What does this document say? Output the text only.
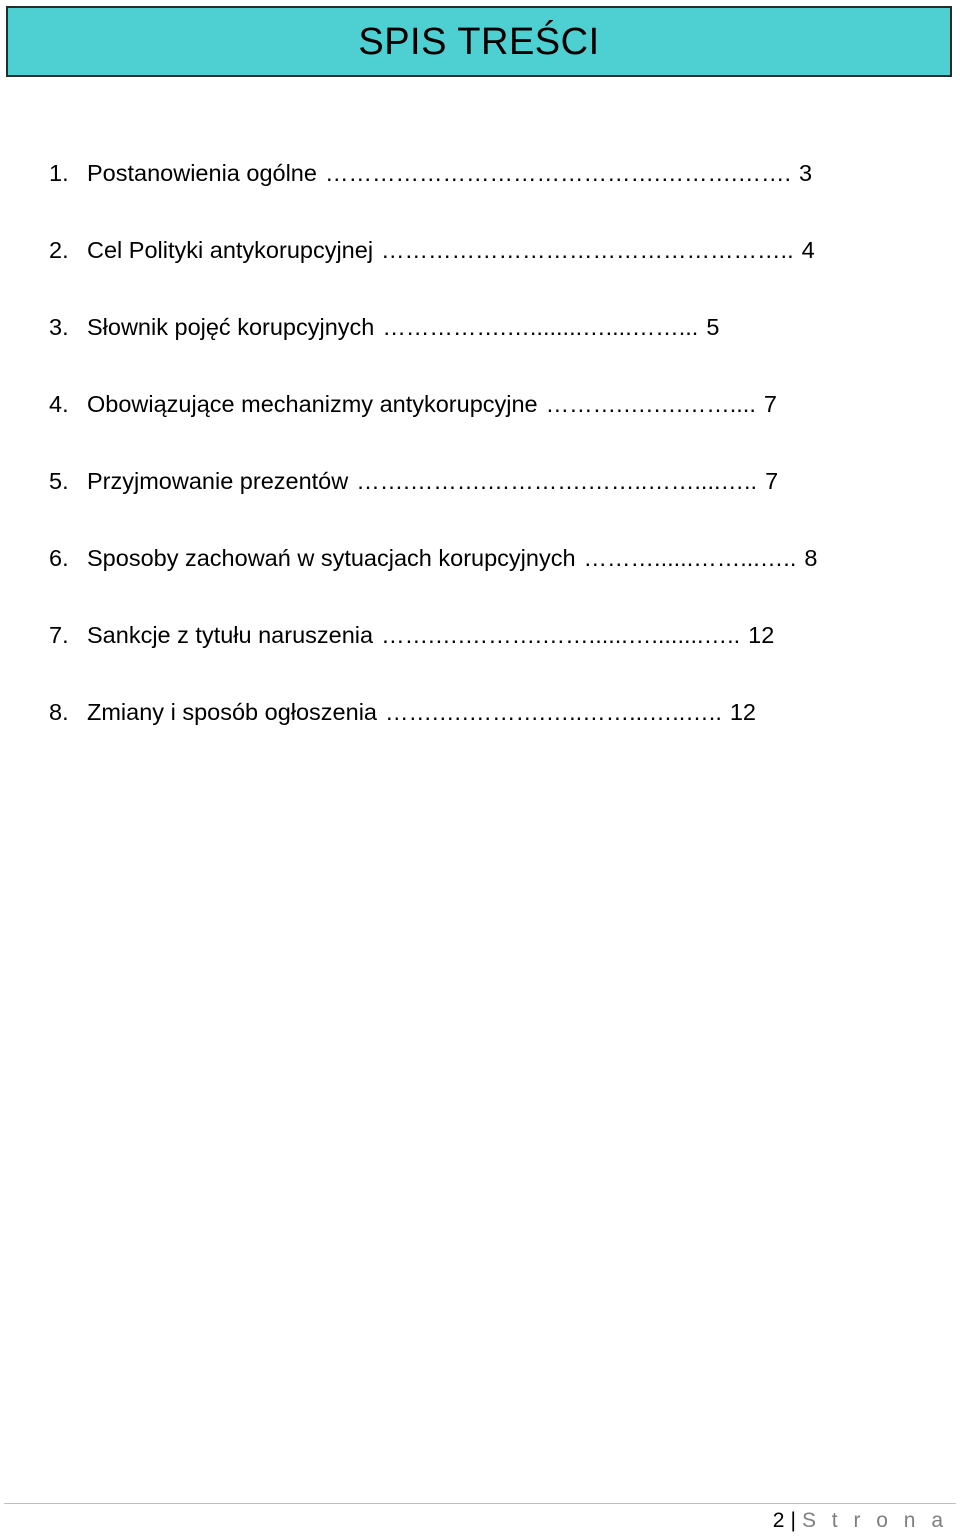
SPIS TREŚCI
1. Postanowienia ogólne …………………………………….……….……. 3
2. Cel Polityki antykorupcyjnej …………………………………………….. 4
3. Słownik pojęć korupcyjnych …………….…........…....……... 5
4. Obowiązujące mechanizmy antykorupcyjne ……….….….…….... 7
5. Przyjmowanie prezentów …….……….………….……..……....….. 7
6. Sposoby zachowań w sytuacjach korupcyjnych ………......……...….. 8
7. Sankcje z tytułu naruszenia …….….……….……......…........….. 12
8. Zmiany i sposób ogłoszenia …….….……….…..……...…..….. 12
2 | S t r o n a
